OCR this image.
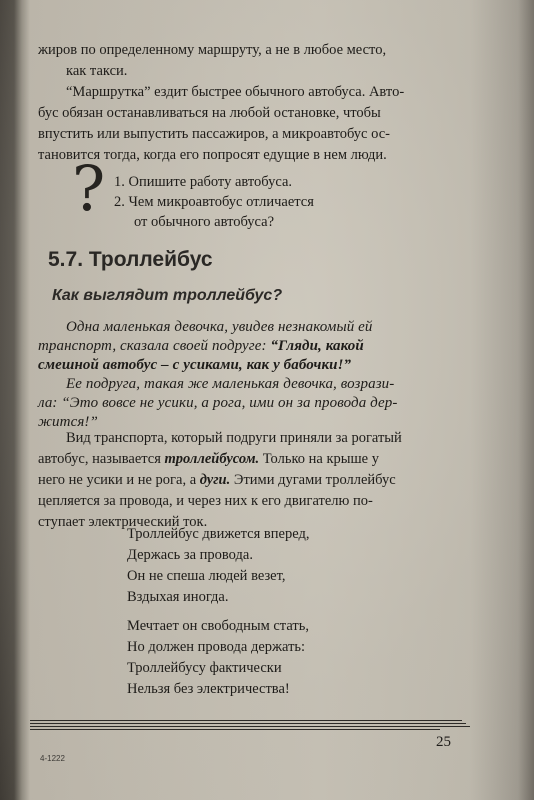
жиров по определенному маршруту, а не в любое место,
как такси.

“Маршрутка” ездит быстрее обычного автобуса. Авто-
бус обязан останавливаться на любой остановке, чтобы
впустить или выпустить пассажиров, а микроавтобус ос-
тановится тогда, когда его попросят едущие в нем люди.

? 1. Опишите работу автобуса.
2. Чем микроавтобус отличается
от обычного автобуса?
5.7. Троллейбус
Как выглядит троллейбус?

Одна маленькая девочка, увидев незнакомый ей
транспорт, сказала своей подруге: “Гляди, какой
смешной автобус – с усиками, как у бабочки!”
Ее подруга, такая же маленькая девочка, возрази-
ла: “Это вовсе не усики, а рога, ими он за провода дер-
жится!”

Вид транспорта, который подруги приняли за рогатый
автобус, называется троллейбусом. Только на крыше у
него не усики и не рога, а дуги. Этими дугами троллейбус
цепляется за провода, и через них к его двигателю по-
ступает электрический ток.

Троллейбус движется вперед,
Держась за провода.
Он не спеша людей везет,
Вздыхая иногда.
Мечтает он свободным стать,
Но должен провода держать:
Троллейбусу фактически
Нельзя без электричества!
25
4-1222
